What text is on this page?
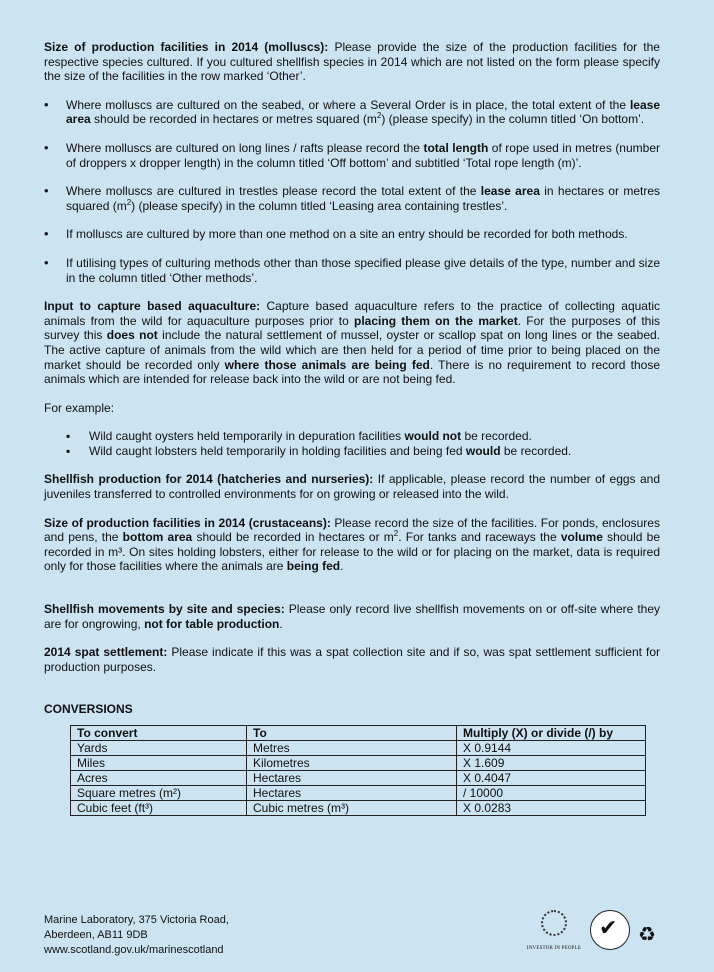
Size of production facilities in 2014 (molluscs): Please provide the size of the production facilities for the respective species cultured. If you cultured shellfish species in 2014 which are not listed on the form please specify the size of the facilities in the row marked ‘Other’.

• Where molluscs are cultured on the seabed, or where a Several Order is in place, the total extent of the lease area should be recorded in hectares or metres squared $(m^2)$ (please specify) in the column titled ‘On bottom’.
• Where molluscs are cultured on long lines / rafts please record the total length of rope used in metres (number of droppers x dropper length) in the column titled ‘Off bottom’ and subtitled ‘Total rope length (m)’.
• Where molluscs are cultured in trestles please record the total extent of the lease area in hectares or metres squared $(m^2)$ (please specify) in the column titled ‘Leasing area containing trestles’.
• If molluscs are cultured by more than one method on a site an entry should be recorded for both methods.
• If utilising types of culturing methods other than those specified please give details of the type, number and size in the column titled ‘Other methods’.

Input to capture based aquaculture: Capture based aquaculture refers to the practice of collecting aquatic animals from the wild for aquaculture purposes prior to placing them on the market. For the purposes of this survey this does not include the natural settlement of mussel, oyster or scallop spat on long lines or the seabed. The active capture of animals from the wild which are then held for a period of time prior to being placed on the market should be recorded only where those animals are being fed. There is no requirement to record those animals which are intended for release back into the wild or are not being fed.

For example:

▪ Wild caught oysters held temporarily in depuration facilities would not be recorded.
▪ Wild caught lobsters held temporarily in holding facilities and being fed would be recorded.

Shellfish production for 2014 (hatcheries and nurseries): If applicable, please record the number of eggs and juveniles transferred to controlled environments for on growing or released into the wild.

Size of production facilities in 2014 (crustaceans): Please record the size of the facilities. For ponds, enclosures and pens, the bottom area should be recorded in hectares or $m^2$. For tanks and raceways the volume should be recorded in m³. On sites holding lobsters, either for release to the wild or for placing on the market, data is required only for those facilities where the animals are being fed.

Shellfish movements by site and species: Please only record live shellfish movements on or off-site where they are for ongrowing, not for table production.

2014 spat settlement: Please indicate if this was a spat collection site and if so, was spat settlement sufficient for production purposes.

CONVERSIONS

To convert	To	Multiply (X) or divide (/) by
Yards	Metres	X 0.9144
Miles	Kilometres	X 1.609
Acres	Hectares	X 0.4047
Square metres (m²)	Hectares	/ 10000
Cubic feet (ft³)	Cubic metres (m³)	X 0.0283
Marine Laboratory, 375 Victoria Road,
Aberdeen, AB11 9DB
www.scotland.gov.uk/marinescotland	INVESTOR IN PEOPLE
✔ ♻
